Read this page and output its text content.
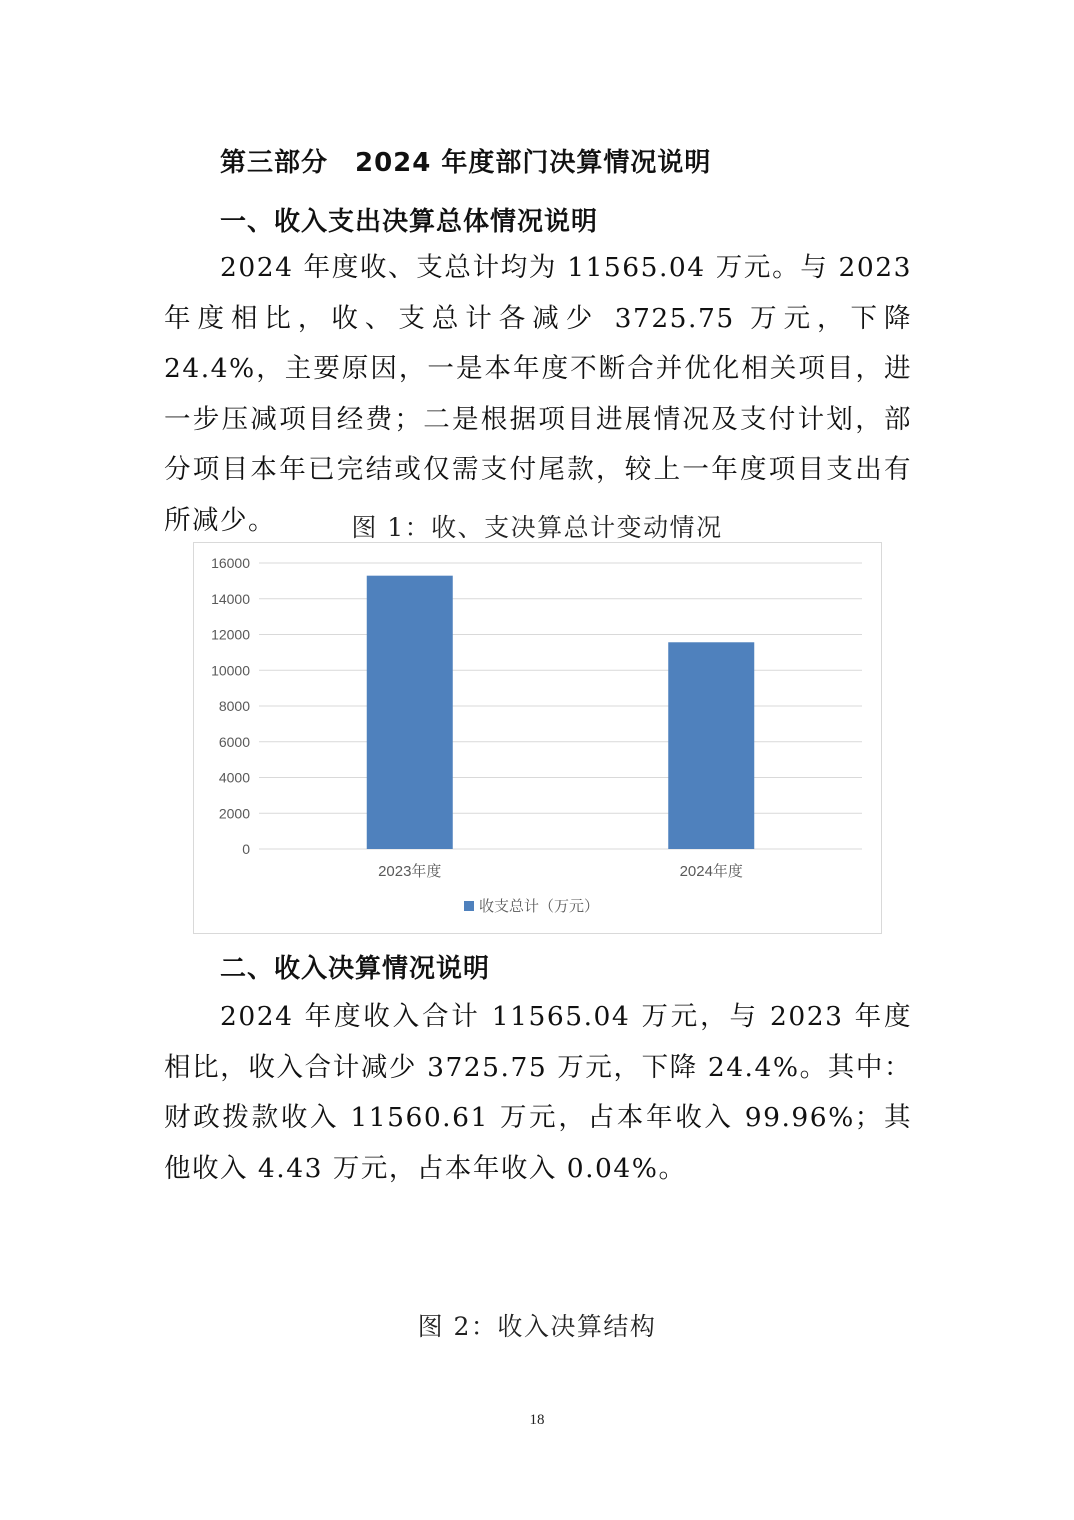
第三部分　2024 年度部门决算情况说明
一、收入支出决算总体情况说明
2024 年度收、支总计均为 11565.04 万元。与 2023 年度相比，收、支总计各减少 3725.75 万元，下降 24.4%，主要原因，一是本年度不断合并优化相关项目，进一步压减项目经费；二是根据项目进展情况及支付计划，部分项目本年已完结或仅需支付尾款，较上一年度项目支出有所减少。	图 1：收、支决算总计变动情况
0
2000
4000
6000
8000
10000
12000
14000
16000
2023年度	2024年度
收支总计（万元）
二、收入决算情况说明
2024 年度收入合计 11565.04 万元，与 2023 年度相比，收入合计减少 3725.75 万元，下降 24.4%。其中：财政拨款收入 11560.61 万元，占本年收入 99.96%；其他收入 4.43 万元，占本年收入 0.04%。
图 2：收入决算结构
18
